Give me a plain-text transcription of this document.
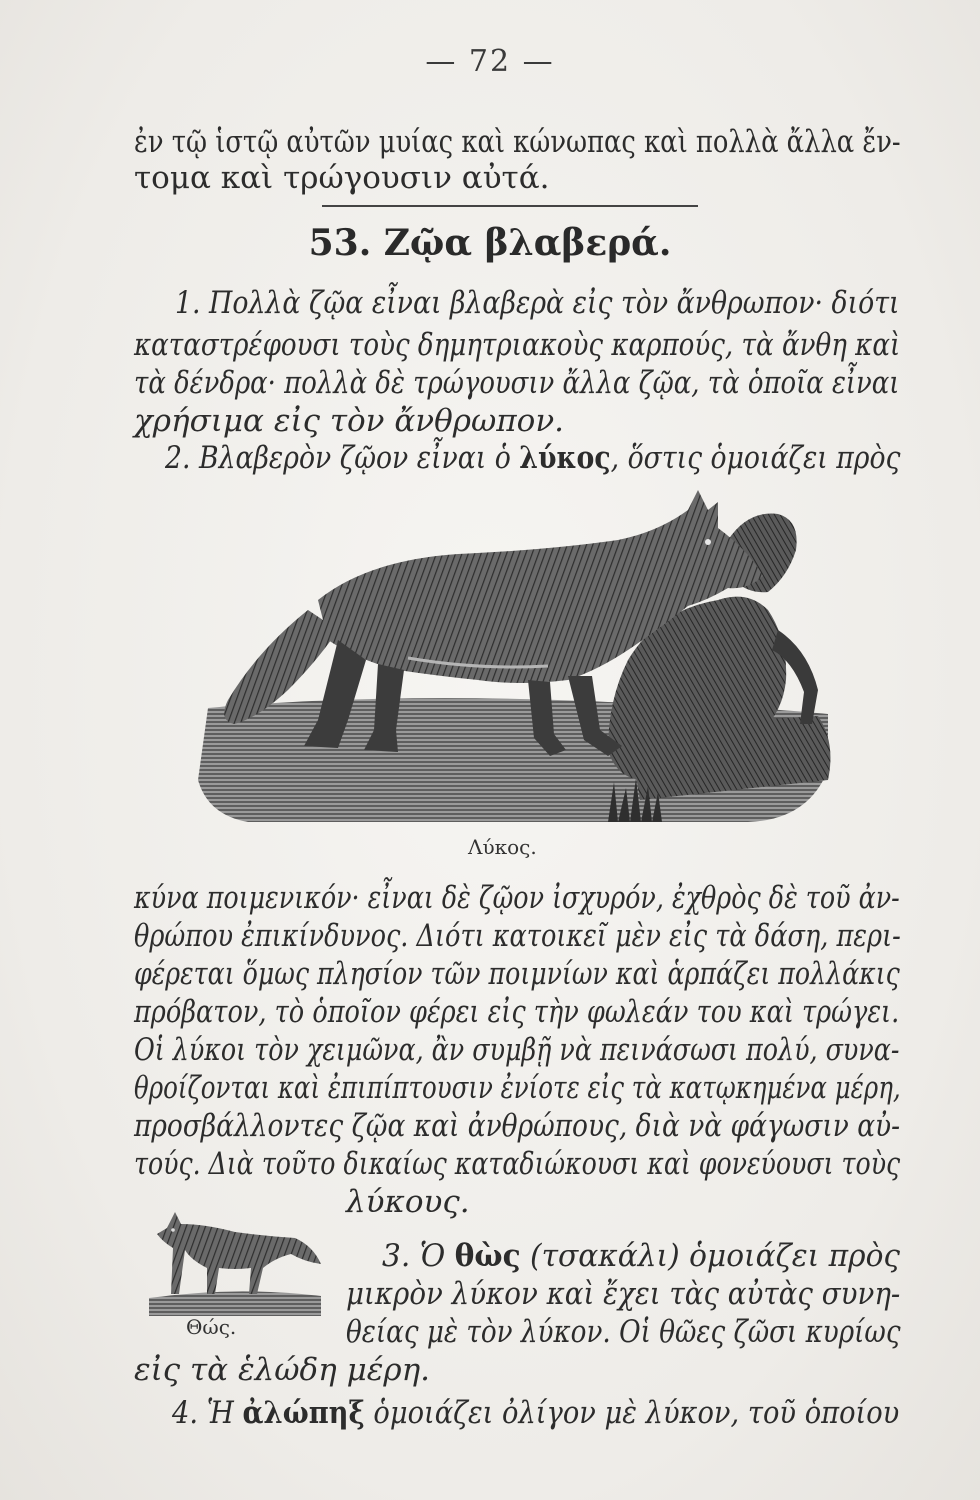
— 72 —
ἐν τῷ ἱστῷ αὐτῶν μυίας καὶ κώνωπας καὶ πολλὰ ἄλλα ἔν-
τομα καὶ τρώγουσιν αὐτά.
53. Ζῷα βλαβερά.
1. Πολλὰ ζῷα εἶναι βλαβερὰ εἰς τὸν ἄνθρωπον· διότι
καταστρέφουσι τοὺς δημητριακοὺς καρπούς, τὰ ἄνθη καὶ
τὰ δένδρα· πολλὰ δὲ τρώγουσιν ἄλλα ζῷα, τὰ ὁποῖα εἶναι
χρήσιμα εἰς τὸν ἄνθρωπον.
2. Βλαβερὸν ζῷον εἶναι ὁ λύκος, ὅστις ὁμοιάζει πρὸς
Λύκος.
κύνα ποιμενικόν· εἶναι δὲ ζῷον ἰσχυρόν, ἐχθρὸς δὲ τοῦ ἀν-
θρώπου ἐπικίνδυνος. Διότι κατοικεῖ μὲν εἰς τὰ δάση, περι-
φέρεται ὅμως πλησίον τῶν ποιμνίων καὶ ἁρπάζει πολλάκις
πρόβατον, τὸ ὁποῖον φέρει εἰς τὴν φωλεάν του καὶ τρώγει.
Οἱ λύκοι τὸν χειμῶνα, ἂν συμβῇ νὰ πεινάσωσι πολύ, συνα-
θροίζονται καὶ ἐπιπίπτουσιν ἐνίοτε εἰς τὰ κατῳκημένα μέρη,
προσβάλλοντες ζῷα καὶ ἀνθρώπους, διὰ νὰ φάγωσιν αὐ-
τούς. Διὰ τοῦτο δικαίως καταδιώκουσι καὶ φονεύουσι τοὺς
λύκους.
Θώς.
3. Ὁ θὼς (τσακάλι) ὁμοιάζει πρὸς
μικρὸν λύκον καὶ ἔχει τὰς αὐτὰς συνη-
θείας μὲ τὸν λύκον. Οἱ θῶες ζῶσι κυρίως
εἰς τὰ ἑλώδη μέρη.
4. Ἡ ἀλώπηξ ὁμοιάζει ὀλίγον μὲ λύκον, τοῦ ὁποίου
